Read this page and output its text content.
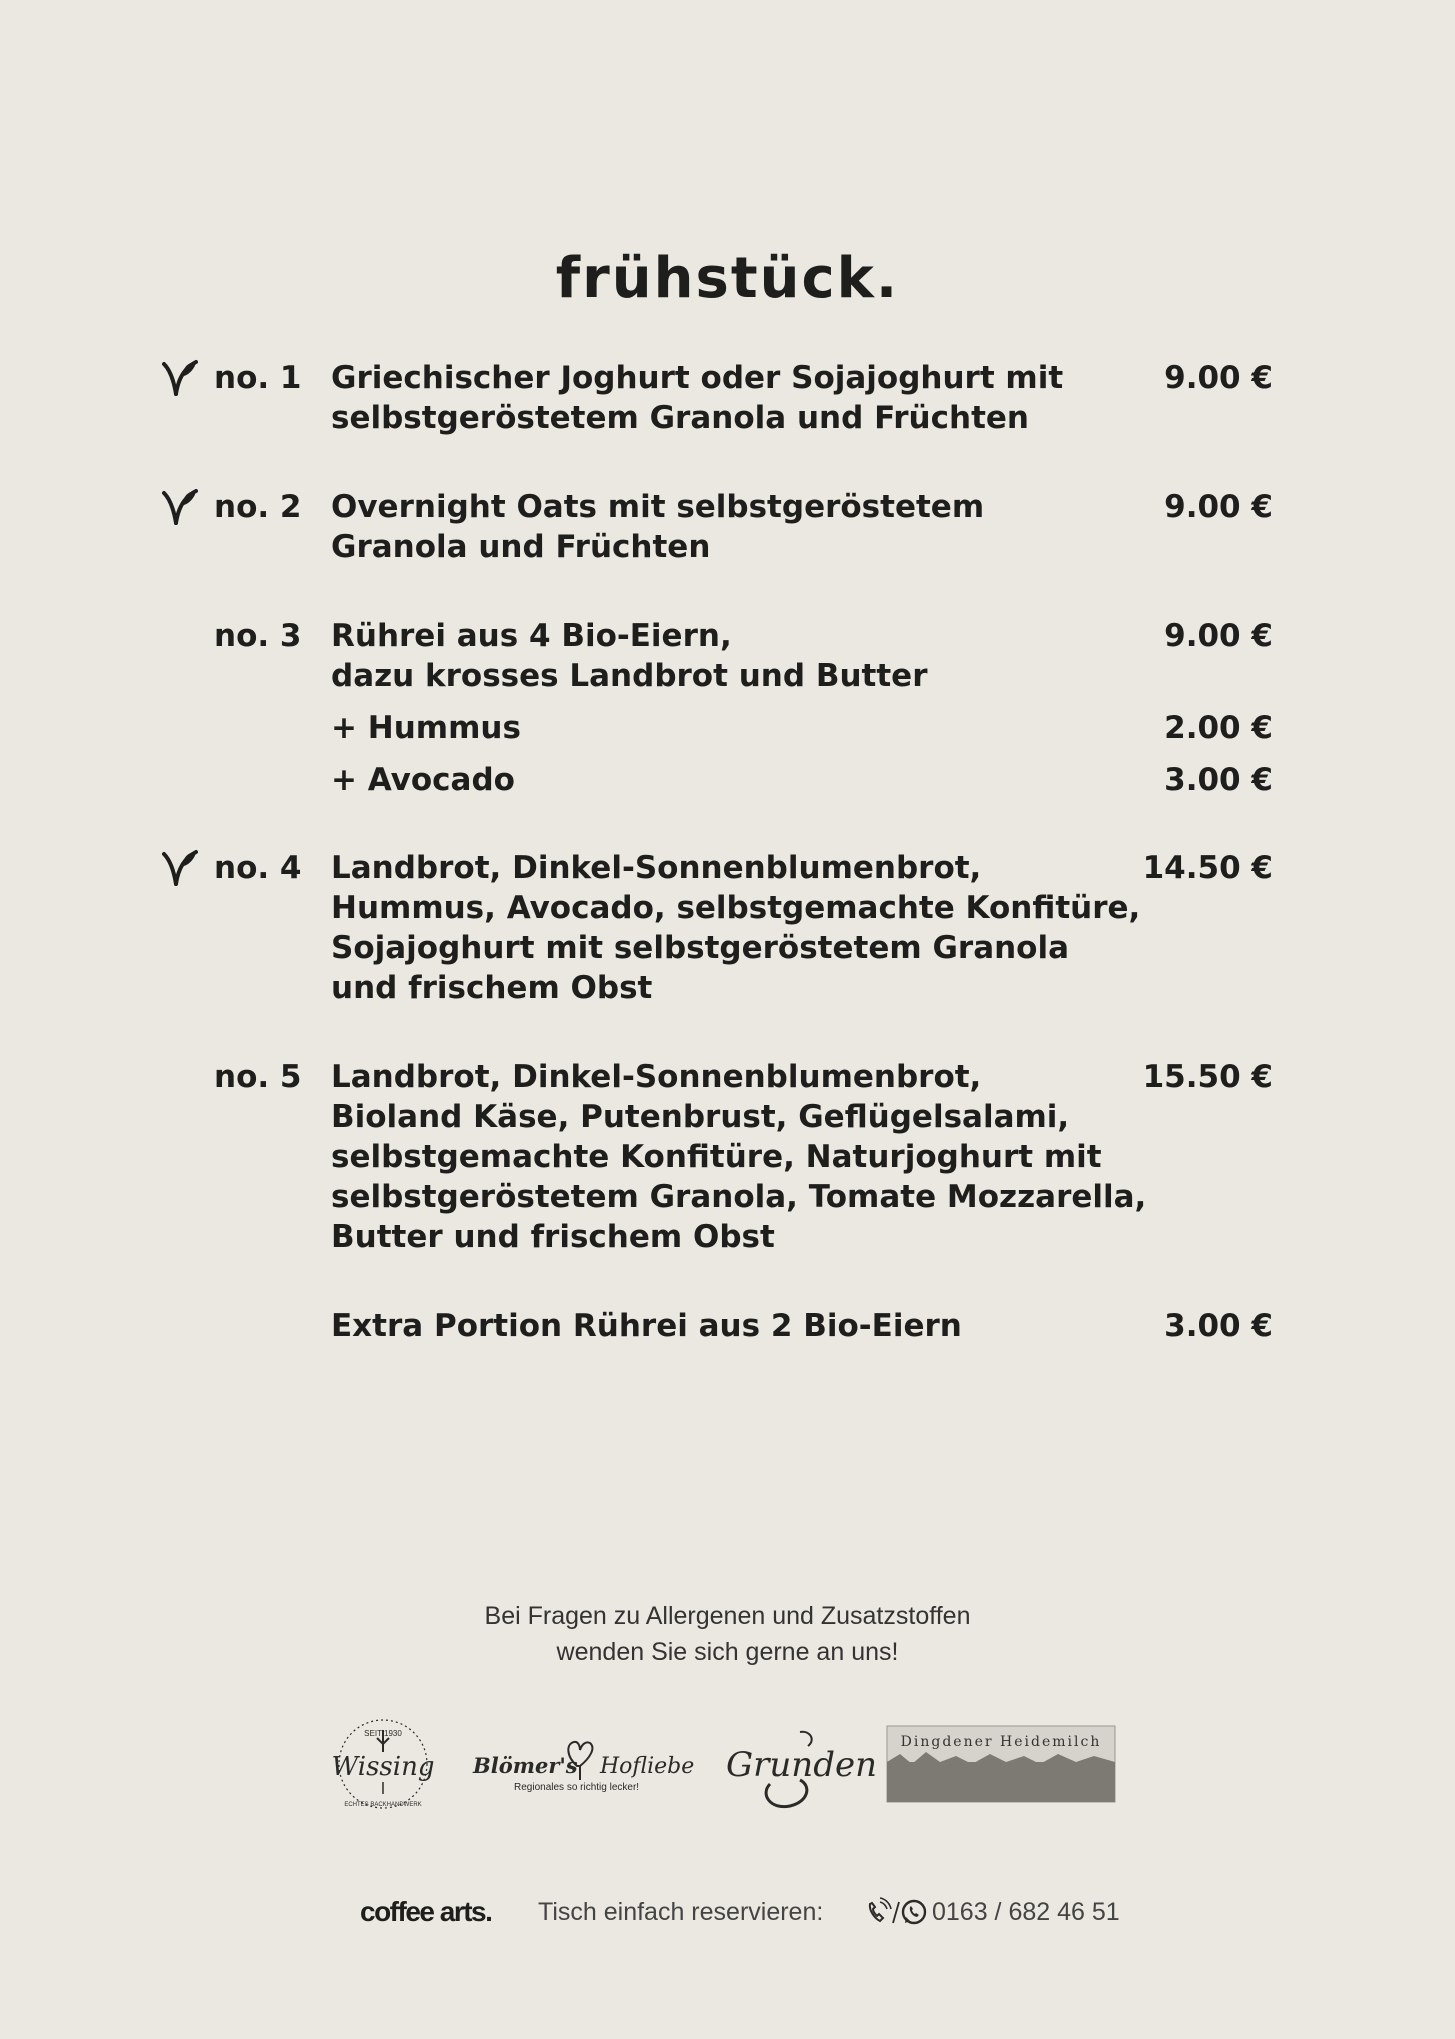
frühstück.
no. 1 Griechischer Joghurt oder Sojajoghurt mit
selbstgeröstetem Granola und Früchten
9.00 €
no. 2 Overnight Oats mit selbstgeröstetem
Granola und Früchten
9.00 €
no. 3 Rührei aus 4 Bio-Eiern,
dazu krosses Landbrot und Butter
9.00 €
+ Hummus	2.00 €
+ Avocado	3.00 €
no. 4 Landbrot, Dinkel-Sonnenblumenbrot,
Hummus, Avocado, selbstgemachte Konfitüre,
Sojajoghurt mit selbstgeröstetem Granola
und frischem Obst
14.50 €
no. 5 Landbrot, Dinkel-Sonnenblumenbrot,
Bioland Käse, Putenbrust, Geflügelsalami,
selbstgemachte Konfitüre, Naturjoghurt mit
selbstgeröstetem Granola, Tomate Mozzarella,
Butter und frischem Obst
15.50 €
Extra Portion Rührei aus 2 Bio-Eiern	3.00 €
Bei Fragen zu Allergenen und Zusatzstoffen
wenden Sie sich gerne an uns!
SEIT 1930
Wissing
ECHTES BACKHANDWERK
Blömer's Hofliebe
Regionales so richtig lecker!
Grunden
Dingdener Heidemilch
coffee arts. Tisch einfach reservieren:	0163 / 682 46 51
